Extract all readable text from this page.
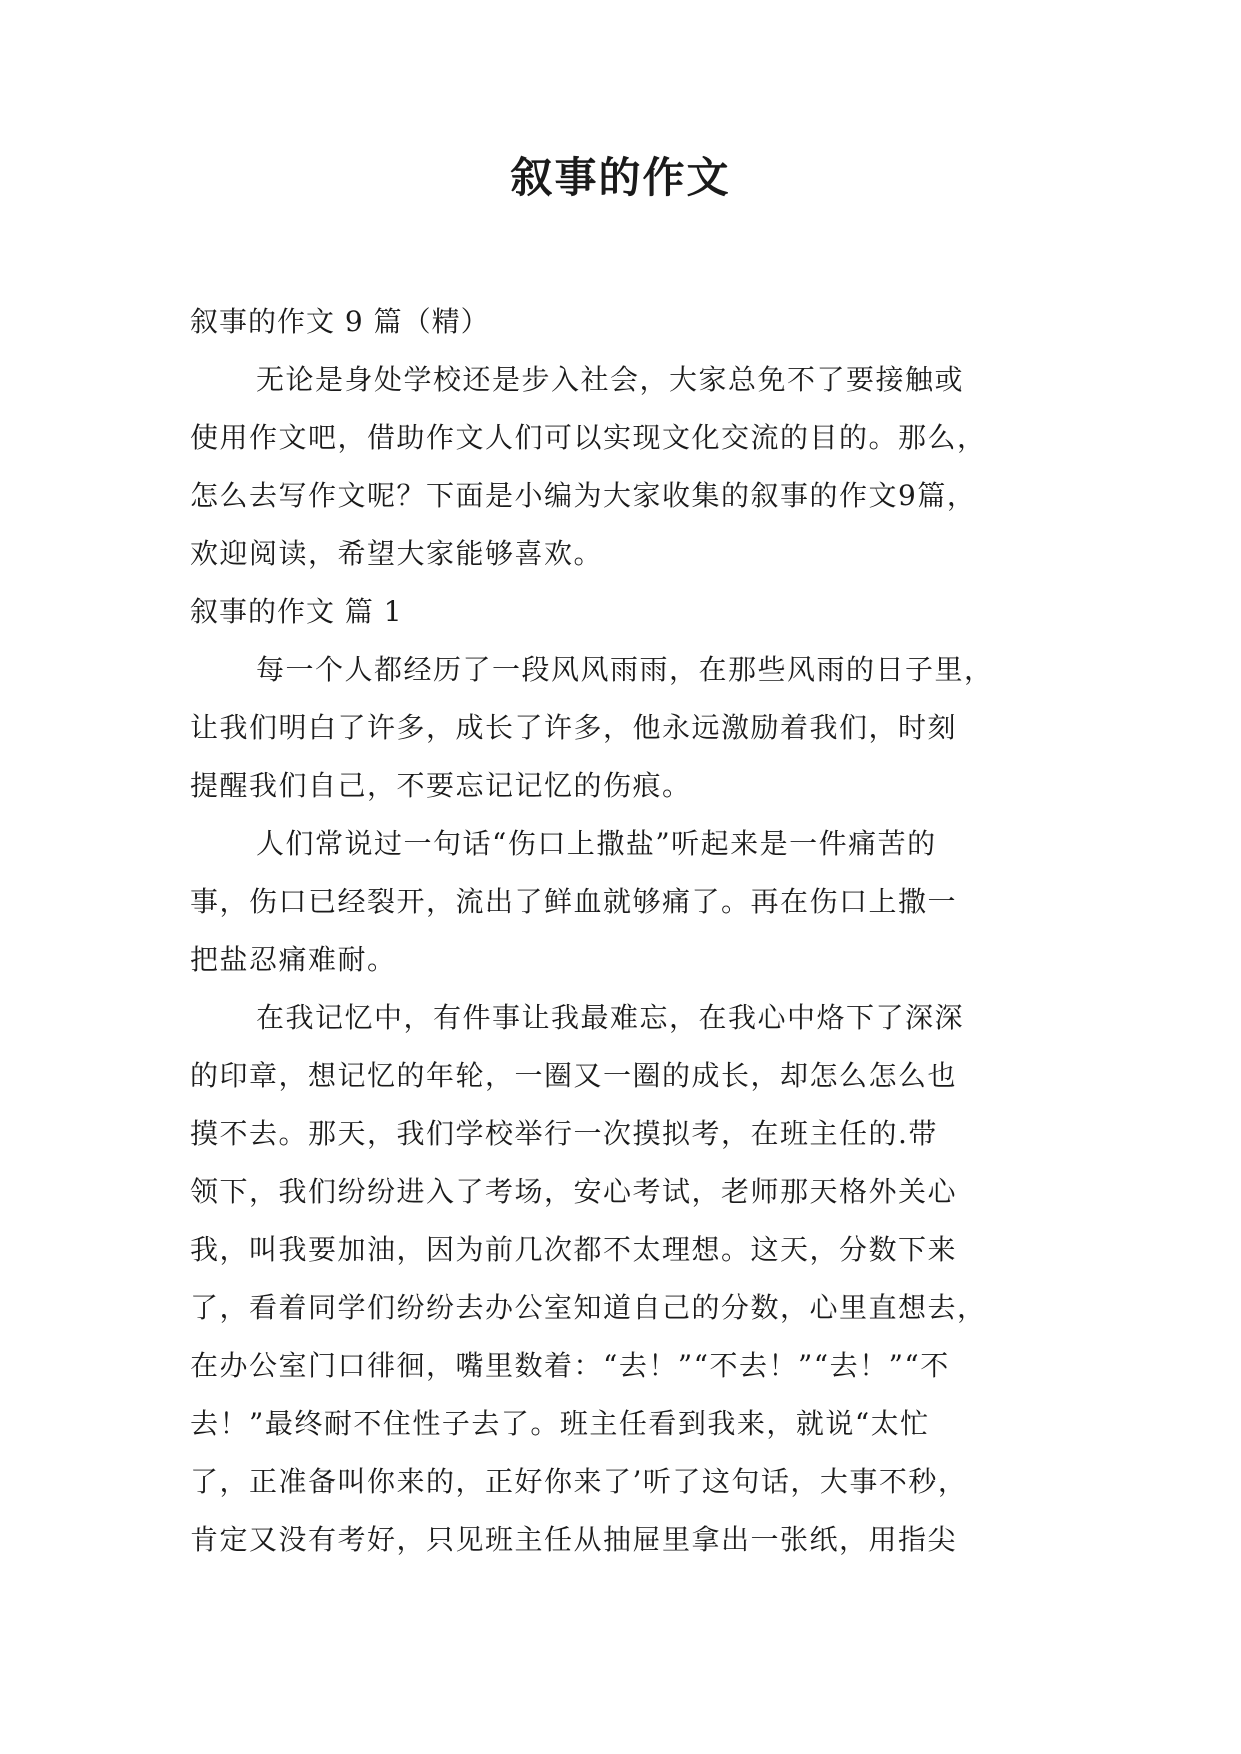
叙事的作文
叙事的作文 9 篇（精）
无论是身处学校还是步入社会，大家总免不了要接触或
使用作文吧，借助作文人们可以实现文化交流的目的。那么，
怎么去写作文呢？下面是小编为大家收集的叙事的作文9篇，
欢迎阅读，希望大家能够喜欢。
叙事的作文 篇 1
每一个人都经历了一段风风雨雨，在那些风雨的日子里，
让我们明白了许多，成长了许多，他永远激励着我们，时刻
提醒我们自己，不要忘记记忆的伤痕。
人们常说过一句话“伤口上撒盐”听起来是一件痛苦的
事，伤口已经裂开，流出了鲜血就够痛了。再在伤口上撒一
把盐忍痛难耐。
在我记忆中，有件事让我最难忘，在我心中烙下了深深
的印章，想记忆的年轮，一圈又一圈的成长，却怎么怎么也
摸不去。那天，我们学校举行一次摸拟考，在班主任的.带
领下，我们纷纷进入了考场，安心考试，老师那天格外关心
我，叫我要加油，因为前几次都不太理想。这天，分数下来
了，看着同学们纷纷去办公室知道自己的分数，心里直想去，
在办公室门口徘徊，嘴里数着：“去！”“不去！”“去！”“不
去！”最终耐不住性子去了。班主任看到我来，就说“太忙
了，正准备叫你来的，正好你来了’听了这句话，大事不秒，
肯定又没有考好，只见班主任从抽屉里拿出一张纸，用指尖
